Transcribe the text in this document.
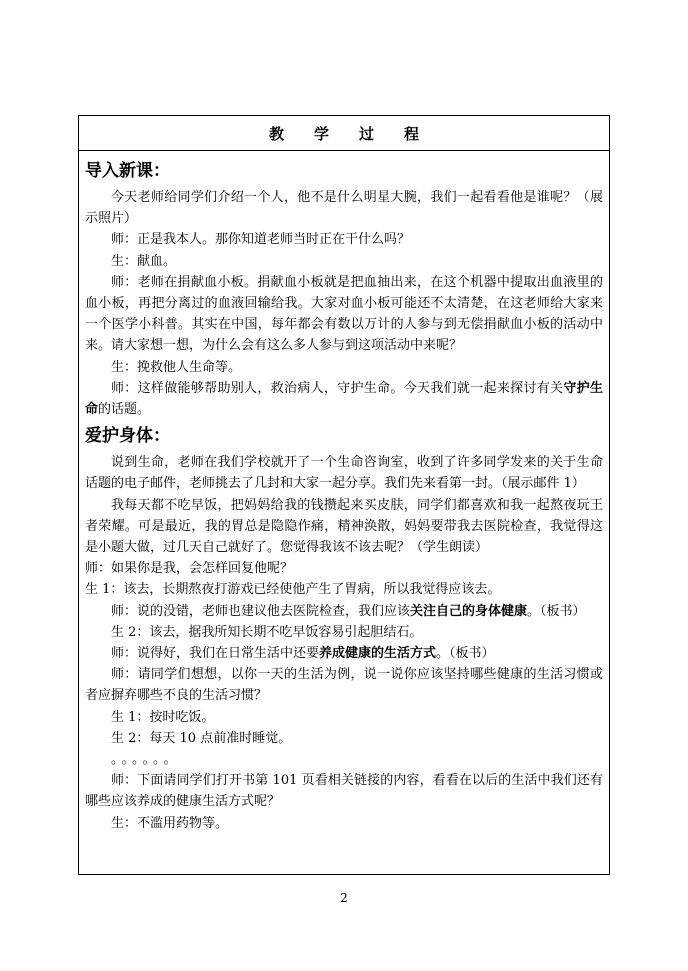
教学过程
导入新课：

今天老师给同学们介绍一个人，他不是什么明星大腕，我们一起看看他是谁呢？（展示照片）

师：正是我本人。那你知道老师当时正在干什么吗？

生：献血。

师：老师在捐献血小板。捐献血小板就是把血抽出来，在这个机器中提取出血液里的血小板，再把分离过的血液回输给我。大家对血小板可能还不太清楚，在这老师给大家来一个医学小科普。其实在中国，每年都会有数以万计的人参与到无偿捐献血小板的活动中来。请大家想一想，为什么会有这么多人参与到这项活动中来呢？

生：挽救他人生命等。

师：这样做能够帮助别人，救治病人，守护生命。今天我们就一起来探讨有关守护生命的话题。

爱护身体：

说到生命，老师在我们学校就开了一个生命咨询室，收到了许多同学发来的关于生命话题的电子邮件，老师挑去了几封和大家一起分享。我们先来看第一封。（展示邮件 1）

我每天都不吃早饭，把妈妈给我的钱攒起来买皮肤，同学们都喜欢和我一起熬夜玩王者荣耀。可是最近，我的胃总是隐隐作痛，精神涣散，妈妈要带我去医院检查，我觉得这是小题大做，过几天自己就好了。您觉得我该不该去呢？（学生朗读）

师：如果你是我，会怎样回复他呢？

生 1：该去，长期熬夜打游戏已经使他产生了胃病，所以我觉得应该去。

师：说的没错，老师也建议他去医院检查，我们应该关注自己的身体健康。（板书）

生 2：该去，据我所知长期不吃早饭容易引起胆结石。

师：说得好，我们在日常生活中还要养成健康的生活方式。（板书）

师：请同学们想想，以你一天的生活为例，说一说你应该坚持哪些健康的生活习惯或者应摒弃哪些不良的生活习惯？

生 1：按时吃饭。

生 2：每天 10 点前准时睡觉。

。。。。。。

师：下面请同学们打开书第 101 页看相关链接的内容，看看在以后的生活中我们还有哪些应该养成的健康生活方式呢？

生：不滥用药物等。

2
